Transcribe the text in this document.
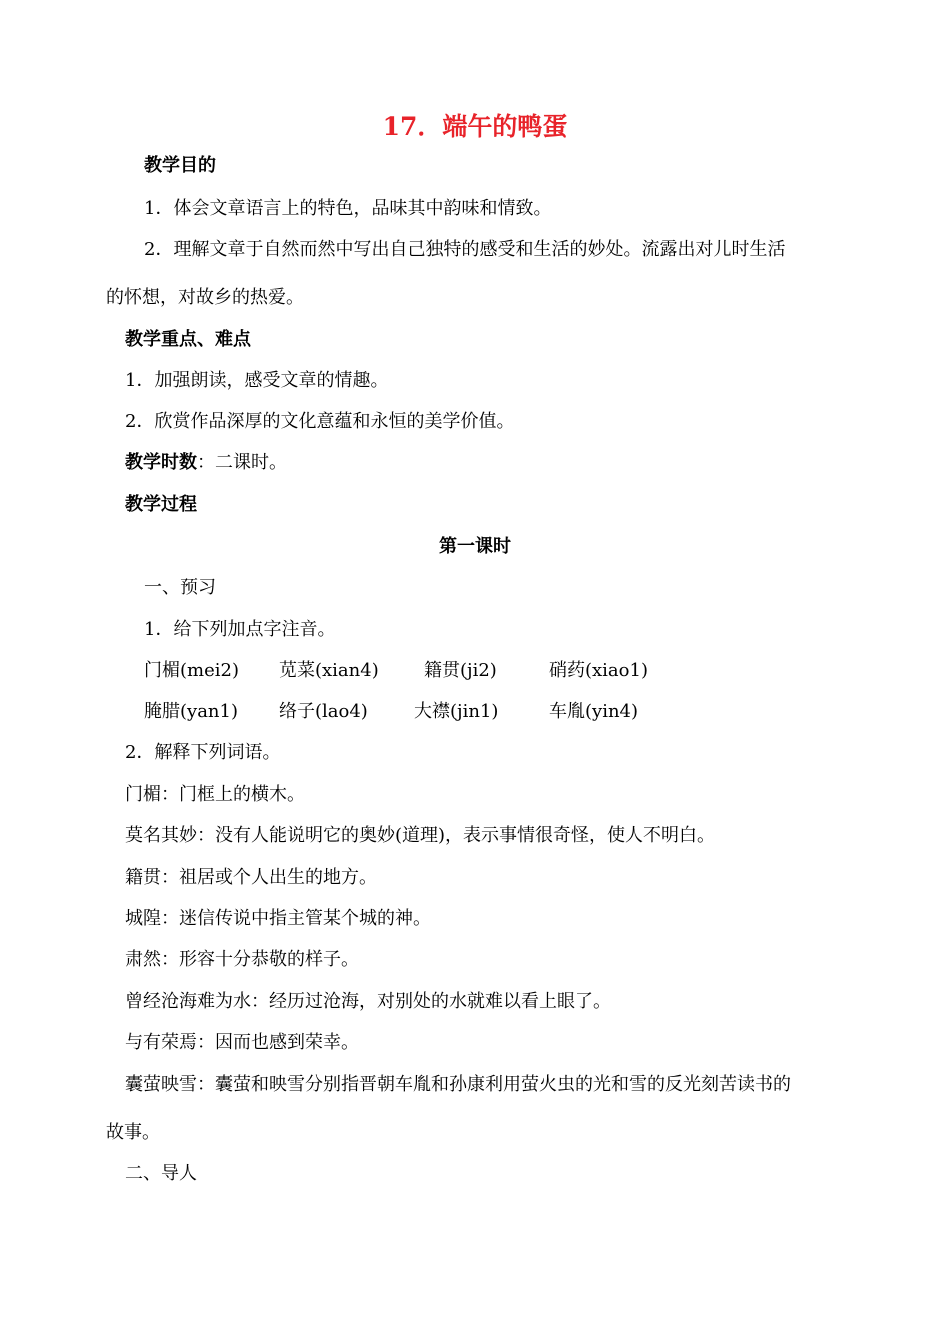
17．端午的鸭蛋
教学目的
1．体会文章语言上的特色，品味其中韵味和情致。
2．理解文章于自然而然中写出自己独特的感受和生活的妙处。流露出对儿时生活
的怀想，对故乡的热爱。
教学重点、难点
1．加强朗读，感受文章的情趣。
2．欣赏作品深厚的文化意蕴和永恒的美学价值。
教学时数：二课时。
教学过程
第一课时
一、预习
1．给下列加点字注音。
门楣(mei2) 苋菜(xian4)	籍贯(ji2)	硝药(xiao1)
腌腊(yan1) 络子(lao4)	大襟(jin1)	车胤(yin4)
2．解释下列词语。
门楣：门框上的横木。
莫名其妙：没有人能说明它的奥妙(道理)，表示事情很奇怪，使人不明白。
籍贯：祖居或个人出生的地方。
城隍：迷信传说中指主管某个城的神。
肃然：形容十分恭敬的样子。
曾经沧海难为水：经历过沧海，对别处的水就难以看上眼了。
与有荣焉：因而也感到荣幸。
囊萤映雪：囊萤和映雪分别指晋朝车胤和孙康利用萤火虫的光和雪的反光刻苦读书的
故事。
二、导人
